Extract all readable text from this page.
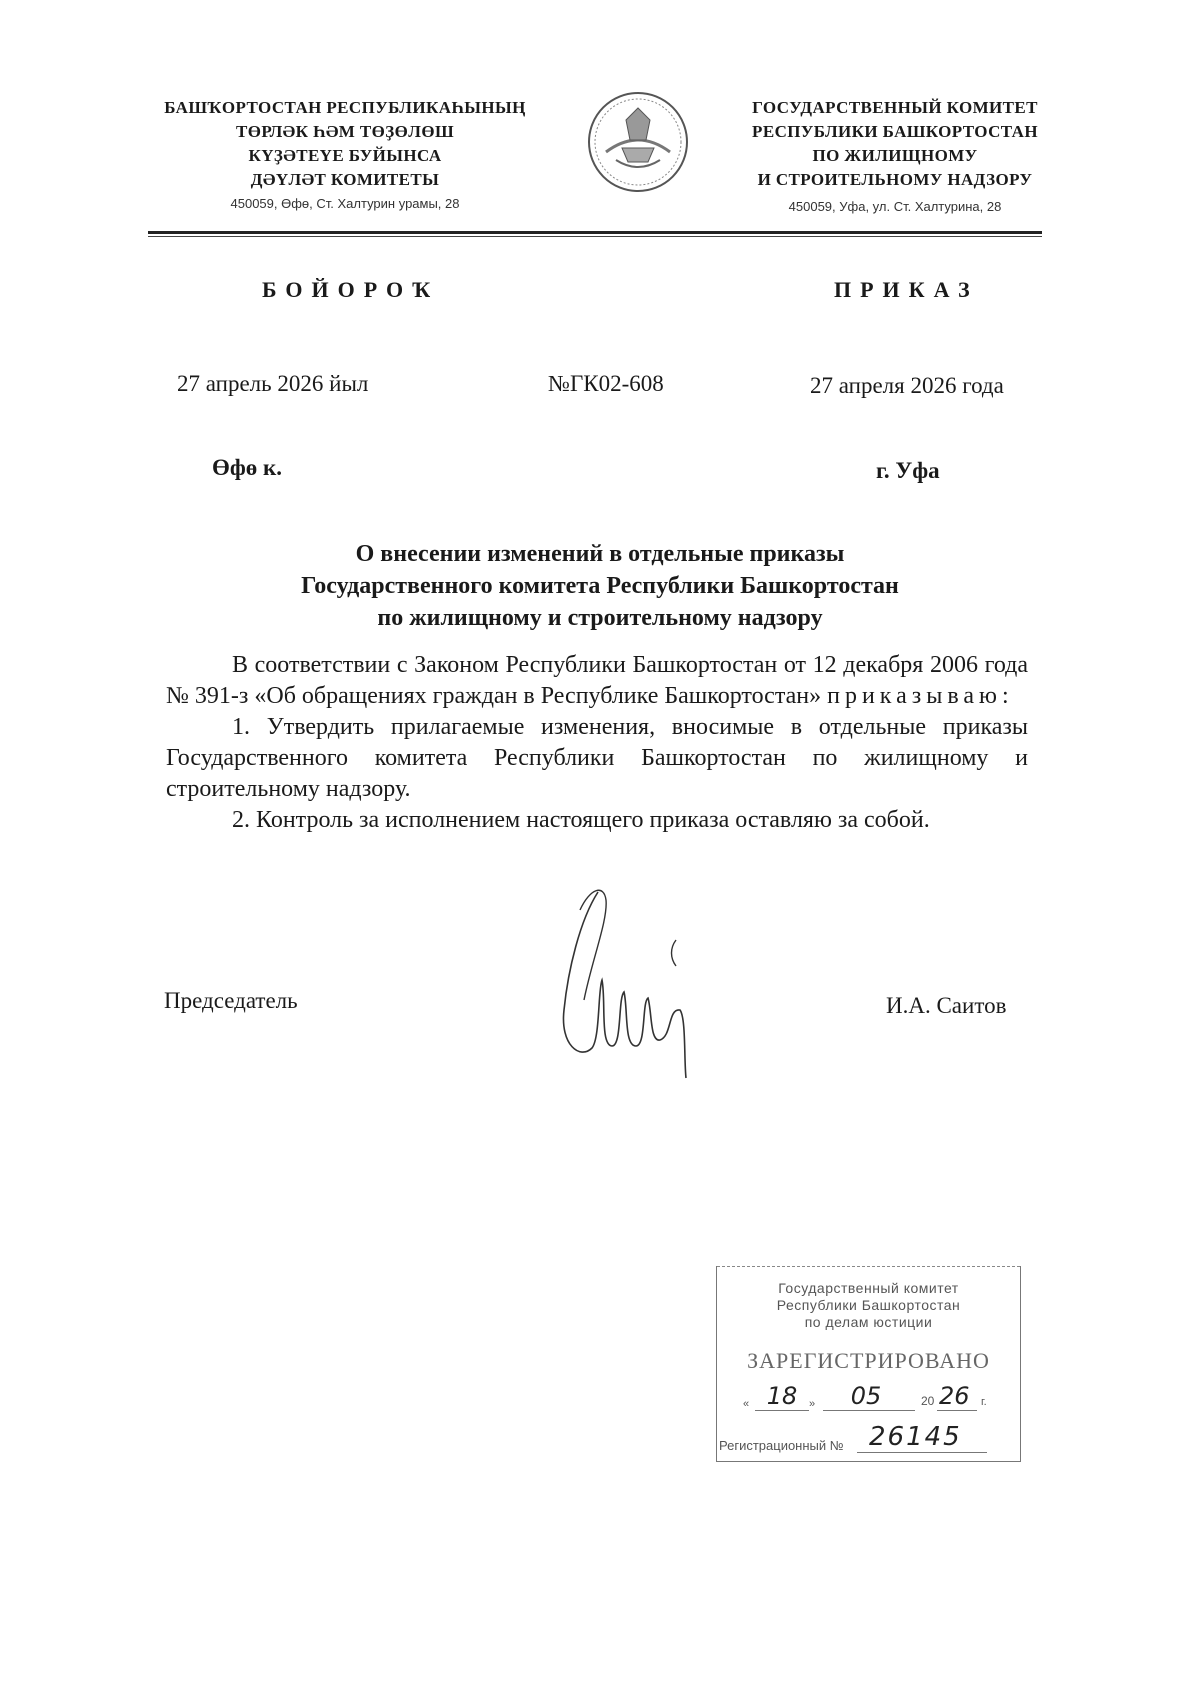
БАШҠОРТОСТАН РЕСПУБЛИКАҺЫНЫҢ
ТӨРЛӘК ҺӘМ ТӨҘӨЛӨШ
КҮҘӘТЕҮЕ БУЙЫНСА
ДӘҮЛӘТ КОМИТЕТЫ
450059, Өфө, Ст. Халтурин урамы, 28
ГОСУДАРСТВЕННЫЙ КОМИТЕТ
РЕСПУБЛИКИ БАШКОРТОСТАН
ПО ЖИЛИЩНОМУ
И СТРОИТЕЛЬНОМУ НАДЗОРУ
450059, Уфа, ул. Ст. Халтурина, 28
БОЙОРОҠ	ПРИКАЗ
27 апрель 2026 йыл	№ГК02-608	27 апреля 2026 года
Өфө к.	г. Уфа
О внесении изменений в отдельные приказы
Государственного комитета Республики Башкортостан
по жилищному и строительному надзору
В соответствии с Законом Республики Башкортостан от 12 декабря 2006 года № 391-з «Об обращениях граждан в Республике Башкортостан» приказываю:
1. Утвердить прилагаемые изменения, вносимые в отдельные приказы Государственного комитета Республики Башкортостан по жилищному и строительному надзору.
2. Контроль за исполнением настоящего приказа оставляю за собой.
Председатель	И.А. Саитов
Государственный комитет
Республики Башкортостан
по делам юстиции
ЗАРЕГИСТРИРОВАНО
« 18	»	05	20 26 г.
Регистрационный № 26145
